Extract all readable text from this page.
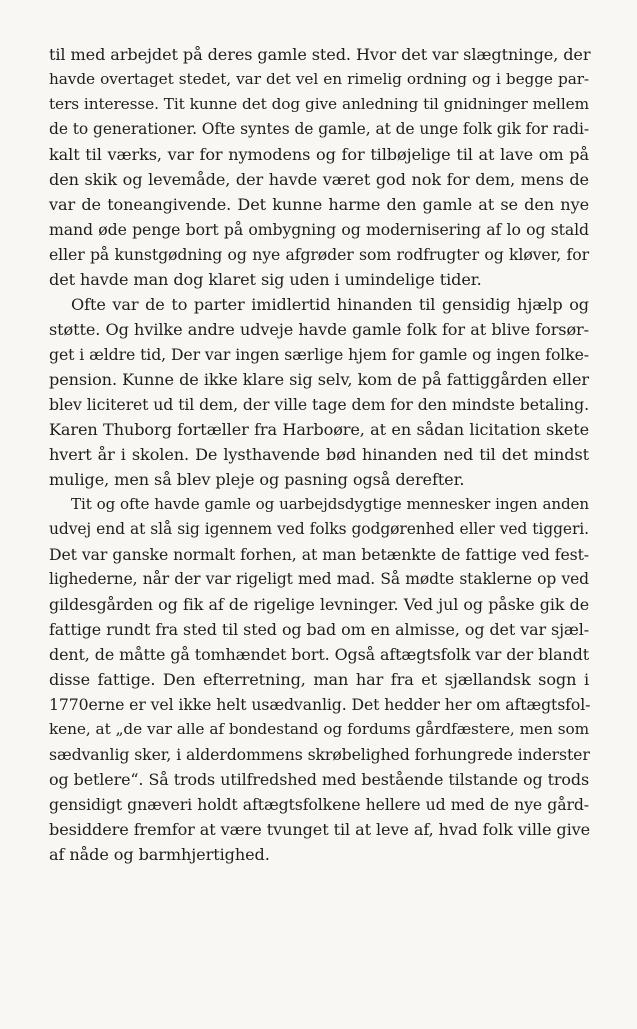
til med arbejdet på deres gamle sted. Hvor det var slægtninge, der
havde overtaget stedet, var det vel en rimelig ordning og i begge par-
ters interesse. Tit kunne det dog give anledning til gnidninger mellem
de to generationer. Ofte syntes de gamle, at de unge folk gik for radi-
kalt til værks, var for nymodens og for tilbøjelige til at lave om på
den skik og levemåde, der havde været god nok for dem, mens de
var de toneangivende. Det kunne harme den gamle at se den nye
mand øde penge bort på ombygning og modernisering af lo og stald
eller på kunstgødning og nye afgrøder som rodfrugter og kløver, for
det havde man dog klaret sig uden i umindelige tider.
Ofte var de to parter imidlertid hinanden til gensidig hjælp og
støtte. Og hvilke andre udveje havde gamle folk for at blive forsør-
get i ældre tid, Der var ingen særlige hjem for gamle og ingen folke-
pension. Kunne de ikke klare sig selv, kom de på fattiggården eller
blev liciteret ud til dem, der ville tage dem for den mindste betaling.
Karen Thuborg fortæller fra Harboøre, at en sådan licitation skete
hvert år i skolen. De lysthavende bød hinanden ned til det mindst
mulige, men så blev pleje og pasning også derefter.
Tit og ofte havde gamle og uarbejdsdygtige mennesker ingen anden
udvej end at slå sig igennem ved folks godgørenhed eller ved tiggeri.
Det var ganske normalt forhen, at man betænkte de fattige ved fest-
lighederne, når der var rigeligt med mad. Så mødte staklerne op ved
gildesgården og fik af de rigelige levninger. Ved jul og påske gik de
fattige rundt fra sted til sted og bad om en almisse, og det var sjæl-
dent, de måtte gå tomhændet bort. Også aftægtsfolk var der blandt
disse fattige. Den efterretning, man har fra et sjællandsk sogn i
1770erne er vel ikke helt usædvanlig. Det hedder her om aftægtsfol-
kene, at „de var alle af bondestand og fordums gårdfæstere, men som
sædvanlig sker, i alderdommens skrøbelighed forhungrede inderster
og betlere“. Så trods utilfredshed med bestående tilstande og trods
gensidigt gnæveri holdt aftægtsfolkene hellere ud med de nye gård-
besiddere fremfor at være tvunget til at leve af, hvad folk ville give
af nåde og barmhjertighed.
